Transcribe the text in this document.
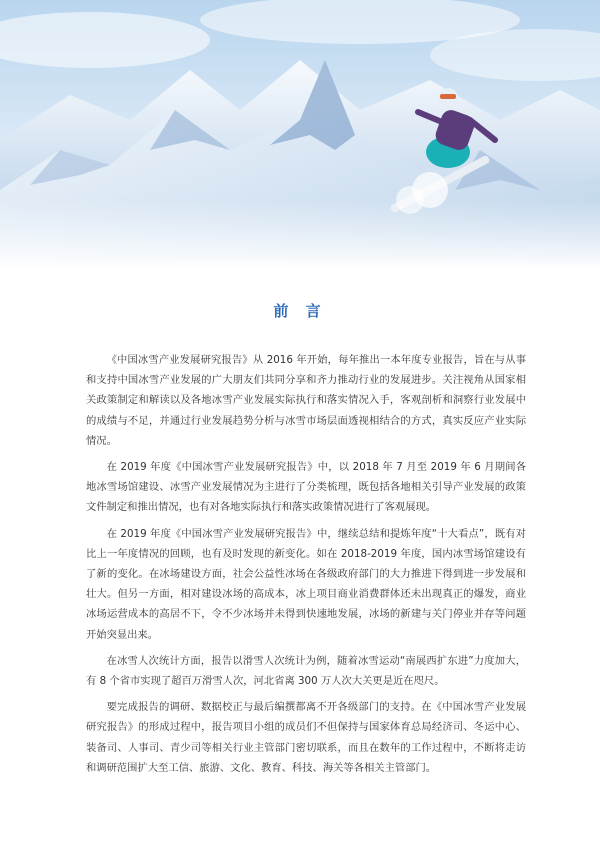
前 言

《中国冰雪产业发展研究报告》从 2016 年开始，每年推出一本年度专业报告，旨在与从事和支持中国冰雪产业发展的广大朋友们共同分享和齐力推动行业的发展进步。关注视角从国家相关政策制定和解读以及各地冰雪产业发展实际执行和落实情况入手，客观剖析和洞察行业发展中的成绩与不足，并通过行业发展趋势分析与冰雪市场层面透视相结合的方式，真实反应产业实际情况。

在 2019 年度《中国冰雪产业发展研究报告》中，以 2018 年 7 月至 2019 年 6 月期间各地冰雪场馆建设、冰雪产业发展情况为主进行了分类梳理，既包括各地相关引导产业发展的政策文件制定和推出情况，也有对各地实际执行和落实政策情况进行了客观展现。

在 2019 年度《中国冰雪产业发展研究报告》中，继续总结和提炼年度“十大看点”，既有对比上一年度情况的回顾，也有及时发现的新变化。如在 2018-2019 年度，国内冰雪场馆建设有了新的变化。在冰场建设方面，社会公益性冰场在各级政府部门的大力推进下得到进一步发展和壮大。但另一方面，相对建设冰场的高成本，冰上项目商业消费群体还未出现真正的爆发，商业冰场运营成本的高居不下，令不少冰场并未得到快速地发展，冰场的新建与关门停业并存等问题开始突显出来。

在冰雪人次统计方面，报告以滑雪人次统计为例，随着冰雪运动“南展西扩东进”力度加大，有 8 个省市实现了超百万滑雪人次，河北省离 300 万人次大关更是近在咫尺。

要完成报告的调研、数据校正与最后编撰都离不开各级部门的支持。在《中国冰雪产业发展研究报告》的形成过程中，报告项目小组的成员们不但保持与国家体育总局经济司、冬运中心、装备司、人事司、青少司等相关行业主管部门密切联系，而且在数年的工作过程中，不断将走访和调研范围扩大至工信、旅游、文化、教育、科技、海关等各相关主管部门。
